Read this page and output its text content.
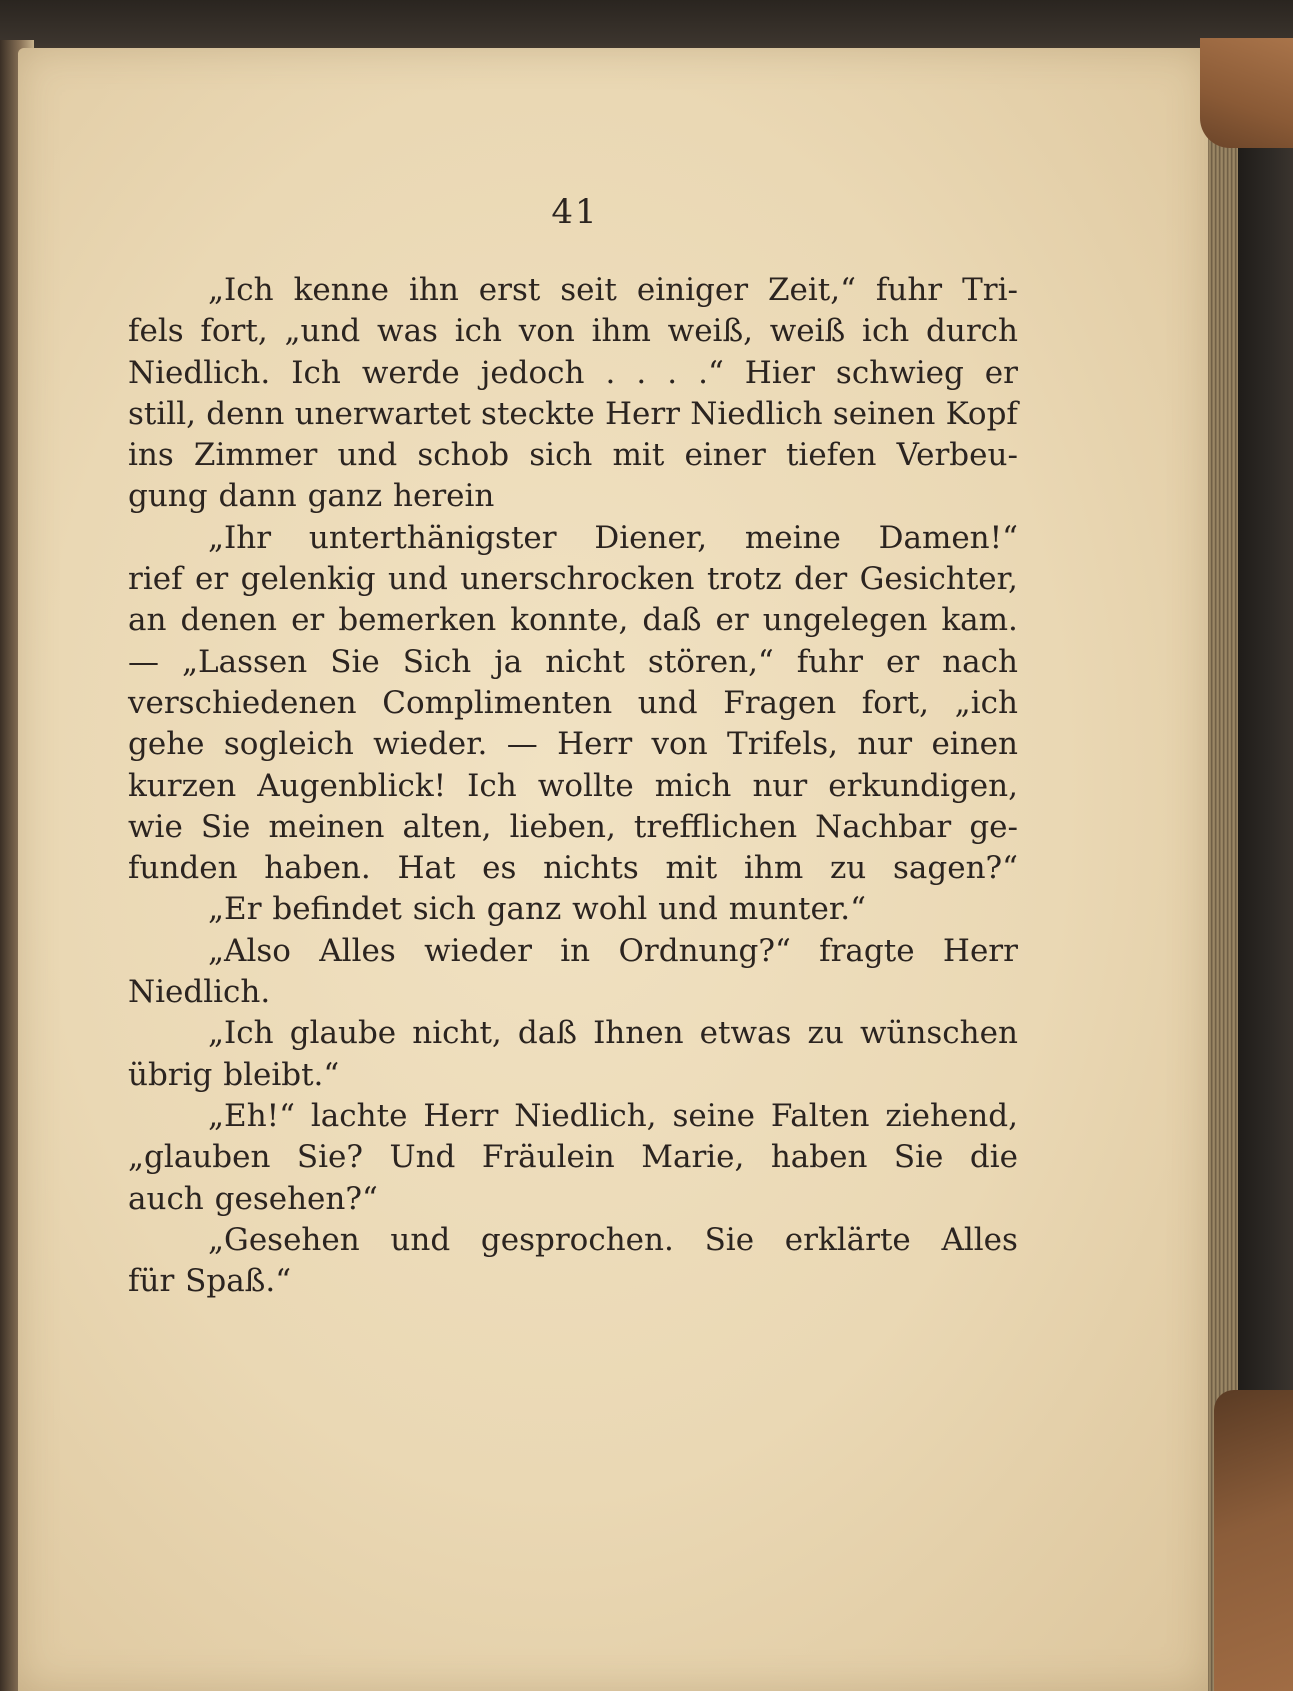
41
„Ich kenne ihn erst seit einiger Zeit,“ fuhr Tri-
fels fort, „und was ich von ihm weiß, weiß ich durch
Niedlich. Ich werde jedoch . . . .“ Hier schwieg er
still, denn unerwartet steckte Herr Niedlich seinen Kopf
ins Zimmer und schob sich mit einer tiefen Verbeu-
gung dann ganz herein
„Ihr unterthänigster Diener, meine Damen!“
rief er gelenkig und unerschrocken trotz der Gesichter,
an denen er bemerken konnte, daß er ungelegen kam.
— „Lassen Sie Sich ja nicht stören,“ fuhr er nach
verschiedenen Complimenten und Fragen fort, „ich
gehe sogleich wieder. — Herr von Trifels, nur einen
kurzen Augenblick! Ich wollte mich nur erkundigen,
wie Sie meinen alten, lieben, trefflichen Nachbar ge-
funden haben. Hat es nichts mit ihm zu sagen?“
„Er befindet sich ganz wohl und munter.“
„Also Alles wieder in Ordnung?“ fragte Herr
Niedlich.
„Ich glaube nicht, daß Ihnen etwas zu wünschen
übrig bleibt.“
„Eh!“ lachte Herr Niedlich, seine Falten ziehend,
„glauben Sie? Und Fräulein Marie, haben Sie die
auch gesehen?“
„Gesehen und gesprochen. Sie erklärte Alles
für Spaß.“
